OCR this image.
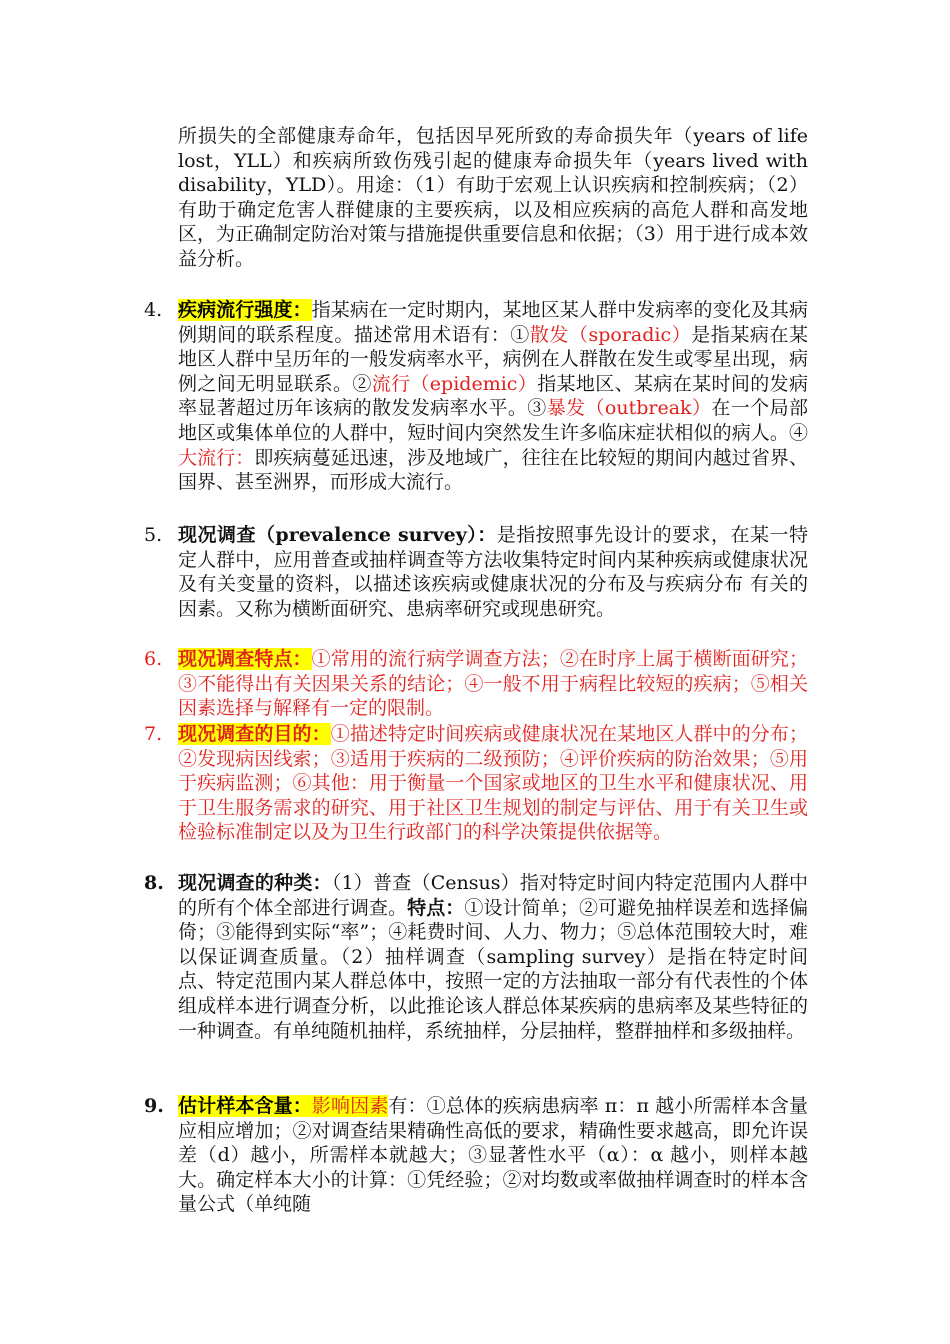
所损失的全部健康寿命年，包括因早死所致的寿命损失年（years of life lost，YLL）和疾病所致伤残引起的健康寿命损失年（years lived with disability，YLD）。用途：（1）有助于宏观上认识疾病和控制疾病；（2）有助于确定危害人群健康的主要疾病，以及相应疾病的高危人群和高发地区，为正确制定防治对策与措施提供重要信息和依据；（3）用于进行成本效益分析。
4. 疾病流行强度：指某病在一定时期内，某地区某人群中发病率的变化及其病例期间的联系程度。描述常用术语有：①散发（sporadic）是指某病在某地区人群中呈历年的一般发病率水平，病例在人群散在发生或零星出现，病例之间无明显联系。②流行（epidemic）指某地区、某病在某时间的发病率显著超过历年该病的散发发病率水平。③暴发（outbreak）在一个局部地区或集体单位的人群中，短时间内突然发生许多临床症状相似的病人。④大流行：即疾病蔓延迅速，涉及地域广，往往在比较短的期间内越过省界、国界、甚至洲界，而形成大流行。
5. 现况调查（prevalence survey）：是指按照事先设计的要求，在某一特定人群中，应用普查或抽样调查等方法收集特定时间内某种疾病或健康状况及有关变量的资料，以描述该疾病或健康状况的分布及与疾病分布 有关的因素。又称为横断面研究、患病率研究或现患研究。
6. 现况调查特点：①常用的流行病学调查方法；②在时序上属于横断面研究；③不能得出有关因果关系的结论；④一般不用于病程比较短的疾病；⑤相关因素选择与解释有一定的限制。
7. 现况调查的目的：①描述特定时间疾病或健康状况在某地区人群中的分布；②发现病因线索；③适用于疾病的二级预防；④评价疾病的防治效果；⑤用于疾病监测；⑥其他：用于衡量一个国家或地区的卫生水平和健康状况、用于卫生服务需求的研究、用于社区卫生规划的制定与评估、用于有关卫生或检验标准制定以及为卫生行政部门的科学决策提供依据等。
8. 现况调查的种类：（1）普查（Census）指对特定时间内特定范围内人群中的所有个体全部进行调查。特点：①设计简单；②可避免抽样误差和选择偏倚；③能得到实际“率”；④耗费时间、人力、物力；⑤总体范围较大时，难以保证调查质量。（2）抽样调查（sampling survey）是指在特定时间点、特定范围内某人群总体中，按照一定的方法抽取一部分有代表性的个体组成样本进行调查分析，以此推论该人群总体某疾病的患病率及某些特征的一种调查。有单纯随机抽样，系统抽样，分层抽样，整群抽样和多级抽样。
9. 估计样本含量：影响因素有：①总体的疾病患病率 π：π 越小所需样本含量应相应增加；②对调查结果精确性高低的要求，精确性要求越高，即允许误差（d）越小，所需样本就越大；③显著性水平（α）：α 越小，则样本越大。确定样本大小的计算：①凭经验；②对均数或率做抽样调查时的样本含量公式（单纯随
